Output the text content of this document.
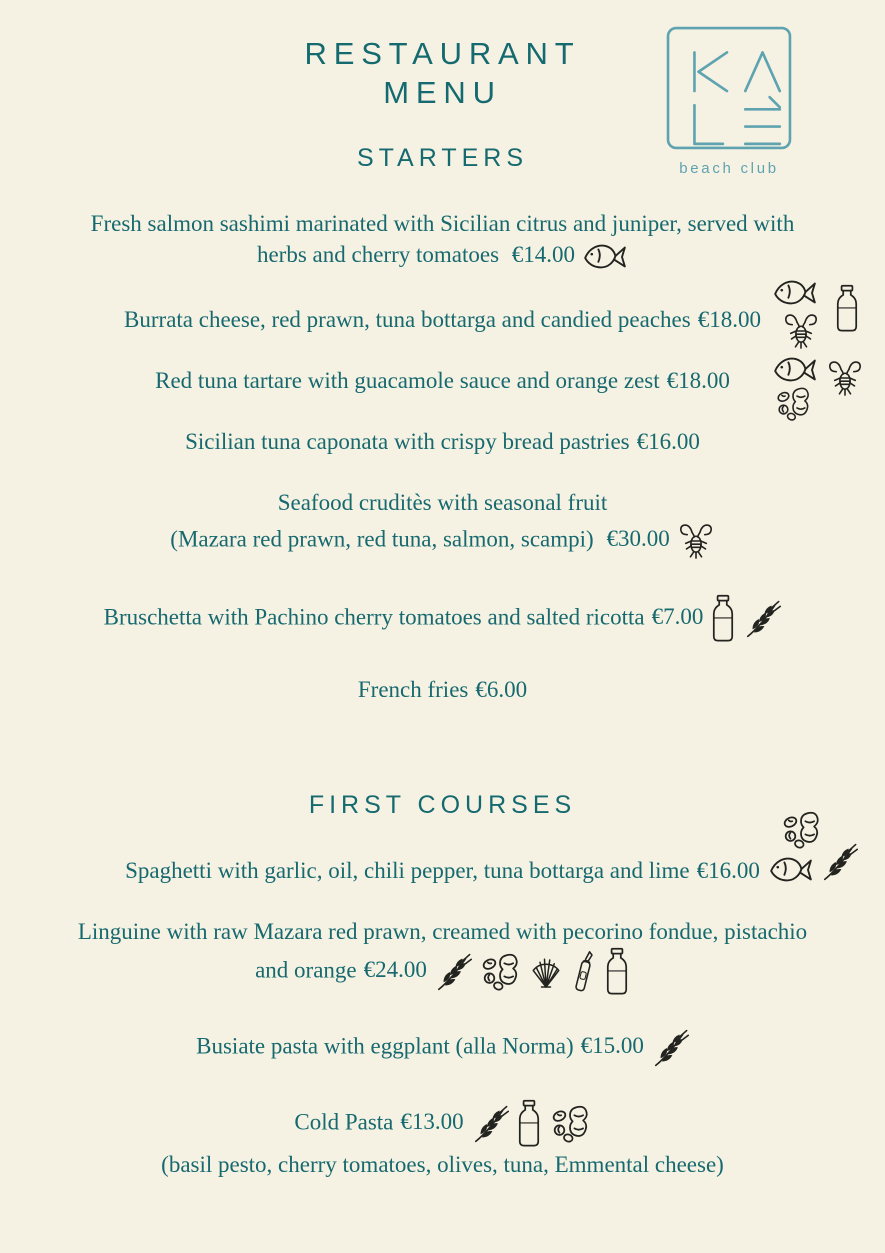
RESTAURANT
MENU
beach club
STARTERS
Fresh salmon sashimi marinated with Sicilian citrus and juniper, served with
herbs and cherry tomatoes €14.00
Burrata cheese, red prawn, tuna bottarga and candied peaches €18.00
Red tuna tartare with guacamole sauce and orange zest €18.00
Sicilian tuna caponata with crispy bread pastries €16.00
Seafood cruditès with seasonal fruit
(Mazara red prawn, red tuna, salmon, scampi) €30.00
Bruschetta with Pachino cherry tomatoes and salted ricotta €7.00
French fries €6.00
FIRST COURSES
Spaghetti with garlic, oil, chili pepper, tuna bottarga and lime €16.00
Linguine with raw Mazara red prawn, creamed with pecorino fondue, pistachio
and orange €24.00
Busiate pasta with eggplant (alla Norma) €15.00
Cold Pasta €13.00
(basil pesto, cherry tomatoes, olives, tuna, Emmental cheese)
